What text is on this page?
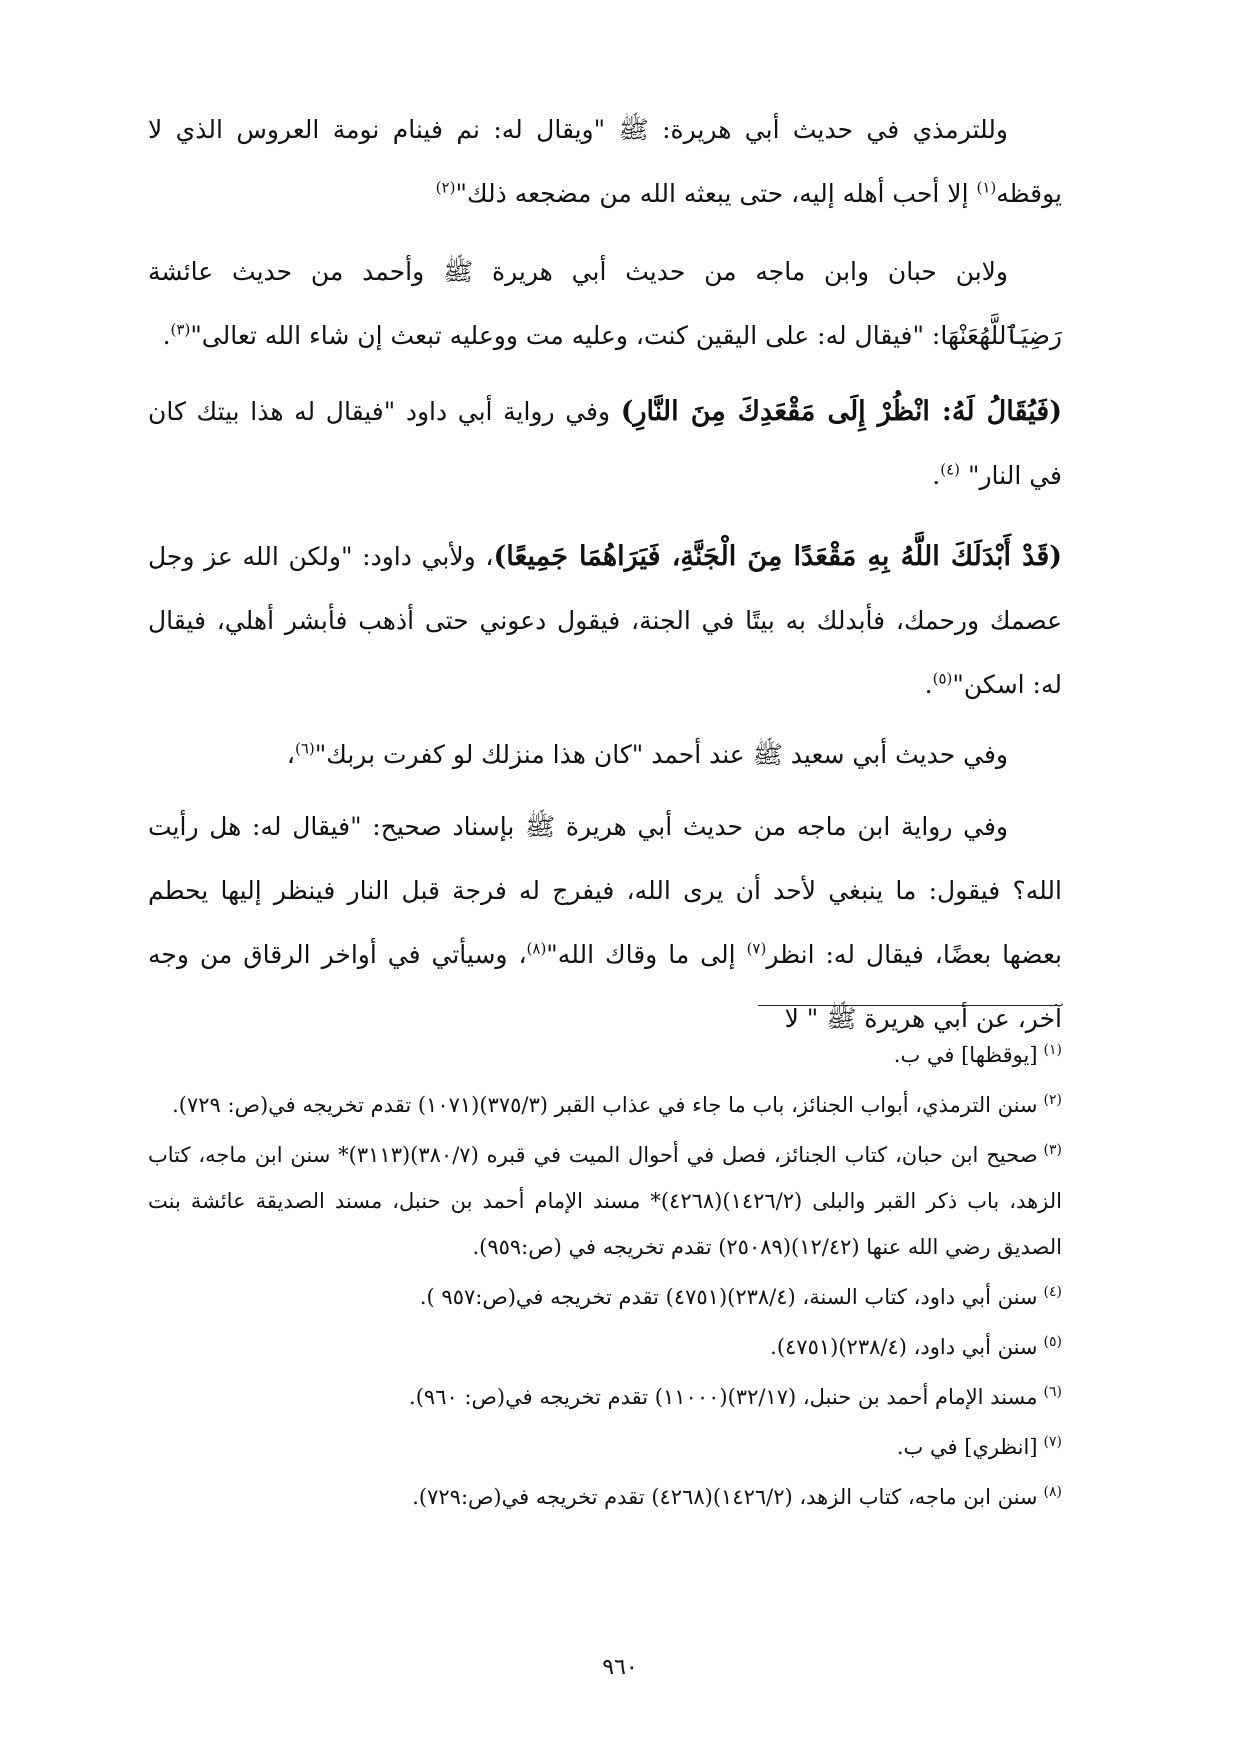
وللترمذي في حديث أبي هريرة: ﷺ "ويقال له: نم فينام نومة العروس الذي لا يوقظه$^{(١)}$ إلا أحب أهله إليه، حتى يبعثه الله من مضجعه ذلك"$^{(٢)}$

ولابن حبان وابن ماجه من حديث أبي هريرة ﷺ وأحمد من حديث عائشة رَضِيَٱللَّهُعَنْهَا: "فيقال له: على اليقين كنت، وعليه مت ووعليه تبعث إن شاء الله تعالى"$^{(٣)}$.

(فَيُقَالُ لَهُ: انْظُرْ إِلَى مَقْعَدِكَ مِنَ النَّارِ) وفي رواية أبي داود "فيقال له هذا بيتك كان في النار" $^{(٤)}$.

(قَدْ أَبْدَلَكَ اللَّهُ بِهِ مَقْعَدًا مِنَ الْجَنَّةِ، فَيَرَاهُمَا جَمِيعًا)، ولأبي داود: "ولكن الله عز وجل عصمك ورحمك، فأبدلك به بيتًا في الجنة، فيقول دعوني حتى أذهب فأبشر أهلي، فيقال له: اسكن"$^{(٥)}$.

وفي حديث أبي سعيد ﷺ عند أحمد "كان هذا منزلك لو كفرت بربك"$^{(٦)}$،

وفي رواية ابن ماجه من حديث أبي هريرة ﷺ بإسناد صحيح: "فيقال له: هل رأيت الله؟ فيقول: ما ينبغي لأحد أن يرى الله، فيفرج له فرجة قبل النار فينظر إليها يحطم بعضها بعضًا، فيقال له: انظر$^{(٧)}$ إلى ما وقاك الله"$^{(٨)}$، وسيأتي في أواخر الرقاق من وجه آخر، عن أبي هريرة ﷺ " لا

$^{(١)}$[يوقظها] في ب.

$^{(٢)}$سنن الترمذي، أبواب الجنائز، باب ما جاء في عذاب القبر (٣٧٥/٣)(١٠٧١) تقدم تخريجه في(ص: ٧٢٩).

$^{(٣)}$صحيح ابن حبان، كتاب الجنائز، فصل في أحوال الميت في قبره (٣٨٠/٧)(٣١١٣)* سنن ابن ماجه، كتاب الزهد، باب ذكر القبر والبلى (١٤٢٦/٢)(٤٢٦٨)* مسند الإمام أحمد بن حنبل، مسند الصديقة عائشة بنت الصديق رضي الله عنها (١٢/٤٢)(٢٥٠٨٩) تقدم تخريجه في (ص:٩٥٩).

$^{(٤)}$سنن أبي داود، كتاب السنة، (٢٣٨/٤)(٤٧٥١) تقدم تخريجه في(ص:٩٥٧ ).

$^{(٥)}$سنن أبي داود، (٢٣٨/٤)(٤٧٥١).

$^{(٦)}$مسند الإمام أحمد بن حنبل، (٣٢/١٧)(١١٠٠٠) تقدم تخريجه في(ص: ٩٦٠).

$^{(٧)}$[انظري] في ب.

$^{(٨)}$سنن ابن ماجه، كتاب الزهد، (١٤٢٦/٢)(٤٢٦٨) تقدم تخريجه في(ص:٧٢٩).

٩٦٠
